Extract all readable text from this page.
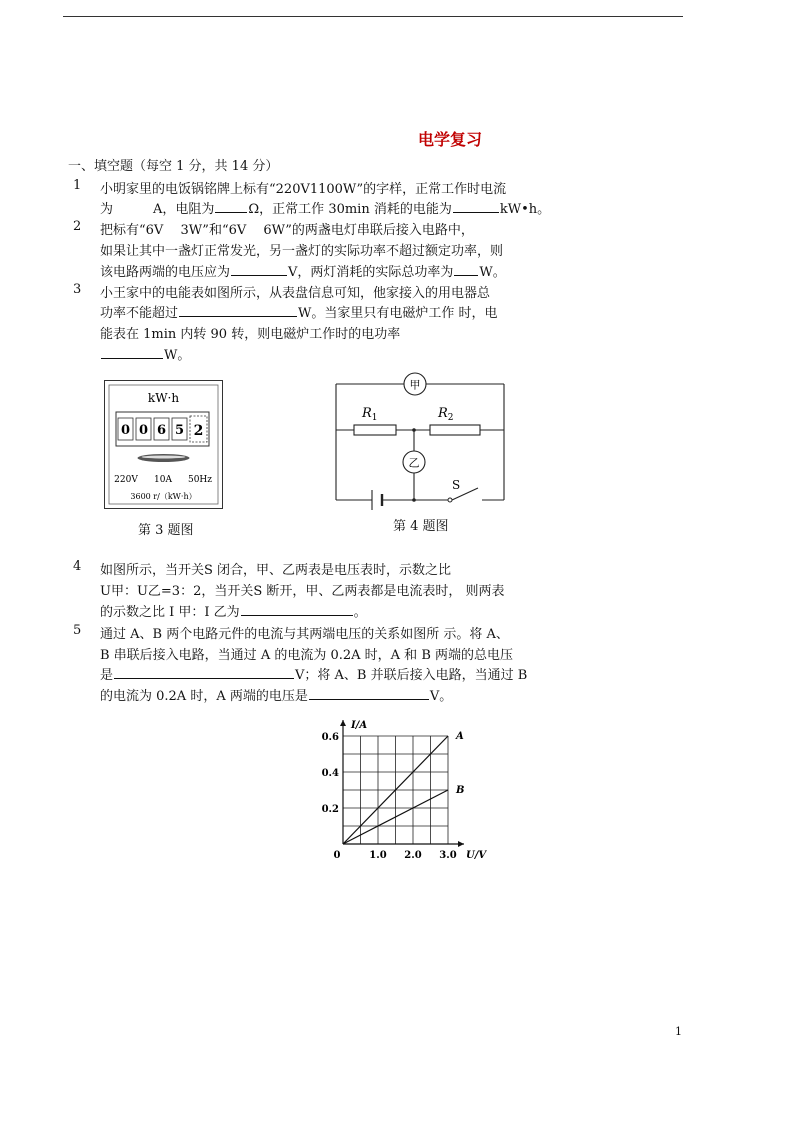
电学复习
一、填空题（每空 1 分，共 14 分）
1 小明家里的电饭锅铭牌上标有“220V1100W”的字样，正常工作时电流
为	A，电阻为	Ω，正常工作 30min 消耗的电能为	kW•h。
2 把标有“6V　 3W”和“6V　 6W”的两盏电灯串联后接入电路中，
如果让其中一盏灯正常发光，另一盏灯的实际功率不超过额定功率，则
该电路两端的电压应为	V，两灯消耗的实际总功率为 W。
3 小王家中的电能表如图所示，从表盘信息可知，他家接入的用电器总
功率不能超过	W。当家里只有电磁炉工作 时，电
能表在 1min 内转 90 转，则电磁炉工作时的电功率
W。
kW·h
0 0 6 5 2
220V 10A 50Hz
3600 r/（kW·h）
第 3 题图
甲
$R_1$	$R_2$
乙
S
第 4 题图
4 如图所示，当开关S 闭合，甲、乙两表是电压表时，示数之比
U甲：U乙=3：2，当开关S 断开，甲、乙两表都是电流表时， 则两表
的示数之比 I 甲：I 乙为	。
5 通过 A、B 两个电路元件的电流与其两端电压的关系如图所 示。将 A、
B 串联后接入电路，当通过 A 的电流为 0.2A 时，A 和 B 两端的总电压
是	V；将 A、B 并联后接入电路，当通过 B
的电流为 0.2A 时，A 两端的电压是	V。
I/A
U/V
0	1.0 2.0 3.0
0.2
0.4
0.6	A
B
1
